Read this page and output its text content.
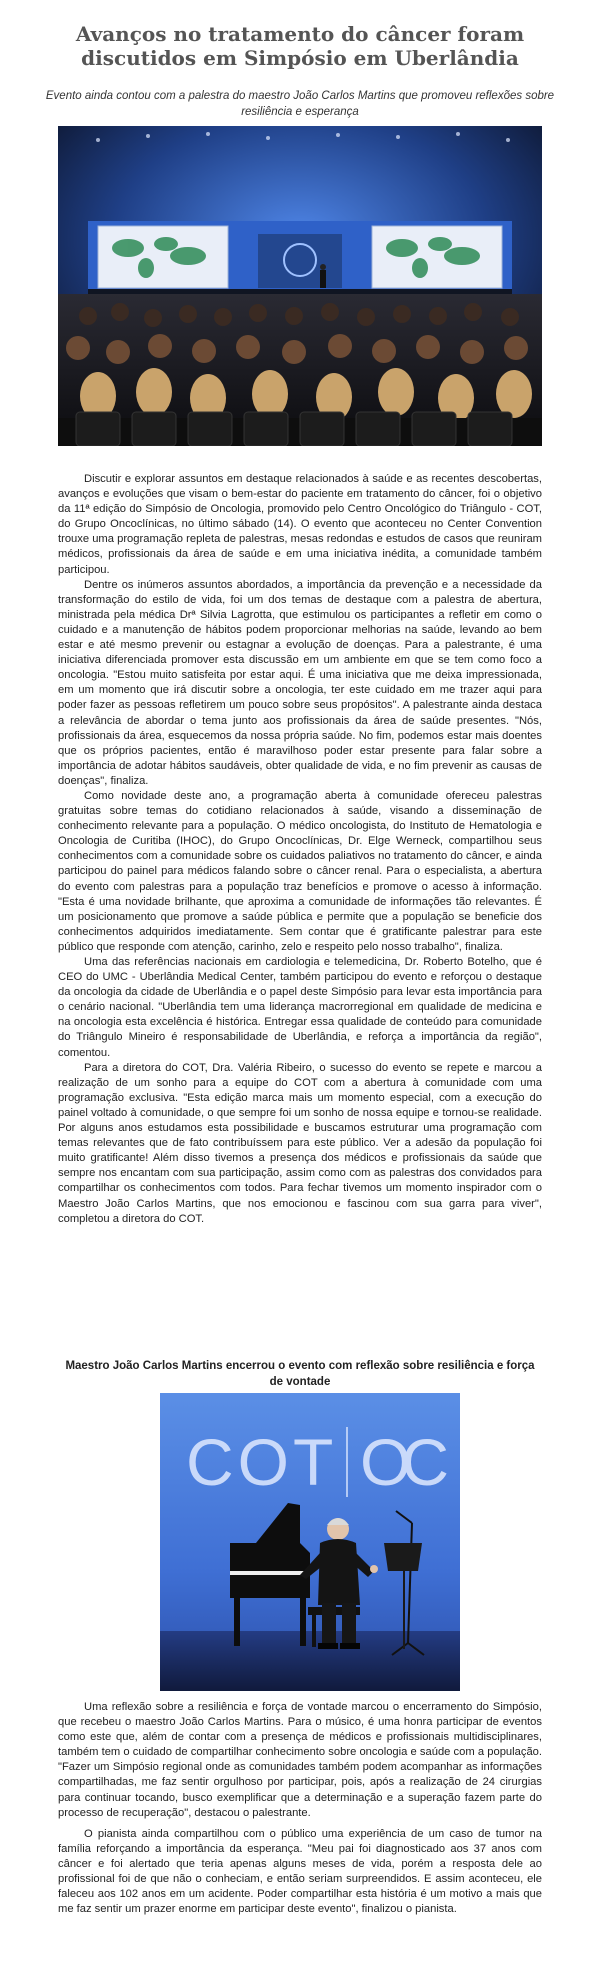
Avanços no tratamento do câncer foram discutidos em Simpósio em Uberlândia

Evento ainda contou com a palestra do maestro João Carlos Martins que promoveu reflexões sobre resiliência e esperança

Discutir e explorar assuntos em destaque relacionados à saúde e as recentes descobertas, avanços e evoluções que visam o bem-estar do paciente em tratamento do câncer, foi o objetivo da 11ª edição do Simpósio de Oncologia, promovido pelo Centro Oncológico do Triângulo - COT, do Grupo Oncoclínicas, no último sábado (14). O evento que aconteceu no Center Convention trouxe uma programação repleta de palestras, mesas redondas e estudos de casos que reuniram médicos, profissionais da área de saúde e em uma iniciativa inédita, a comunidade também participou.

Dentre os inúmeros assuntos abordados, a importância da prevenção e a necessidade da transformação do estilo de vida, foi um dos temas de destaque com a palestra de abertura, ministrada pela médica Drª Silvia Lagrotta, que estimulou os participantes a refletir em como o cuidado e a manutenção de hábitos podem proporcionar melhorias na saúde, levando ao bem estar e até mesmo prevenir ou estagnar a evolução de doenças. Para a palestrante, é uma iniciativa diferenciada promover esta discussão em um ambiente em que se tem como foco a oncologia. "Estou muito satisfeita por estar aqui. É uma iniciativa que me deixa impressionada, em um momento que irá discutir sobre a oncologia, ter este cuidado em me trazer aqui para poder fazer as pessoas refletirem um pouco sobre seus propósitos". A palestrante ainda destaca a relevância de abordar o tema junto aos profissionais da área de saúde presentes. "Nós, profissionais da área, esquecemos da nossa própria saúde. No fim, podemos estar mais doentes que os próprios pacientes, então é maravilhoso poder estar presente para falar sobre a importância de adotar hábitos saudáveis, obter qualidade de vida, e no fim prevenir as causas de doenças", finaliza.

Como novidade deste ano, a programação aberta à comunidade ofereceu palestras gratuitas sobre temas do cotidiano relacionados à saúde, visando a disseminação de conhecimento relevante para a população. O médico oncologista, do Instituto de Hematologia e Oncologia de Curitiba (IHOC), do Grupo Oncoclínicas, Dr. Elge Werneck, compartilhou seus conhecimentos com a comunidade sobre os cuidados paliativos no tratamento do câncer, e ainda participou do painel para médicos falando sobre o câncer renal. Para o especialista, a abertura do evento com palestras para a população traz benefícios e promove o acesso à informação. "Esta é uma novidade brilhante, que aproxima a comunidade de informações tão relevantes. É um posicionamento que promove a saúde pública e permite que a população se beneficie dos conhecimentos adquiridos imediatamente. Sem contar que é gratificante palestrar para este público que responde com atenção, carinho, zelo e respeito pelo nosso trabalho", finaliza.

Uma das referências nacionais em cardiologia e telemedicina, Dr. Roberto Botelho, que é CEO do UMC - Uberlândia Medical Center, também participou do evento e reforçou o destaque da oncologia da cidade de Uberlândia e o papel deste Simpósio para levar esta importância para o cenário nacional. "Uberlândia tem uma liderança macrorregional em qualidade de medicina e na oncologia esta excelência é histórica. Entregar essa qualidade de conteúdo para comunidade do Triângulo Mineiro é responsabilidade de Uberlândia, e reforça a importância da região", comentou.

Para a diretora do COT, Dra. Valéria Ribeiro, o sucesso do evento se repete e marcou a realização de um sonho para a equipe do COT com a abertura à comunidade com uma programação exclusiva. "Esta edição marca mais um momento especial, com a execução do painel voltado à comunidade, o que sempre foi um sonho de nossa equipe e tornou-se realidade. Por alguns anos estudamos esta possibilidade e buscamos estruturar uma programação com temas relevantes que de fato contribuíssem para este público. Ver a adesão da população foi muito gratificante! Além disso tivemos a presença dos médicos e profissionais da saúde que sempre nos encantam com sua participação, assim como com as palestras dos convidados para compartilhar os conhecimentos com todos. Para fechar tivemos um momento inspirador com o Maestro João Carlos Martins, que nos emocionou e fascinou com sua garra para viver", completou a diretora do COT.

Maestro João Carlos Martins encerrou o evento com reflexão sobre resiliência e força de vontade
COT OC

Uma reflexão sobre a resiliência e força de vontade marcou o encerramento do Simpósio, que recebeu o maestro João Carlos Martins. Para o músico, é uma honra participar de eventos como este que, além de contar com a presença de médicos e profissionais multidisciplinares, também tem o cuidado de compartilhar conhecimento sobre oncologia e saúde com a população. "Fazer um Simpósio regional onde as comunidades também podem acompanhar as informações compartilhadas, me faz sentir orgulhoso por participar, pois, após a realização de 24 cirurgias para continuar tocando, busco exemplificar que a determinação e a superação fazem parte do processo de recuperação", destacou o palestrante.

O pianista ainda compartilhou com o público uma experiência de um caso de tumor na família reforçando a importância da esperança. "Meu pai foi diagnosticado aos 37 anos com câncer e foi alertado que teria apenas alguns meses de vida, porém a resposta dele ao profissional foi de que não o conheciam, e então seriam surpreendidos. E assim aconteceu, ele faleceu aos 102 anos em um acidente. Poder compartilhar esta história é um motivo a mais que me faz sentir um prazer enorme em participar deste evento", finalizou o pianista.
